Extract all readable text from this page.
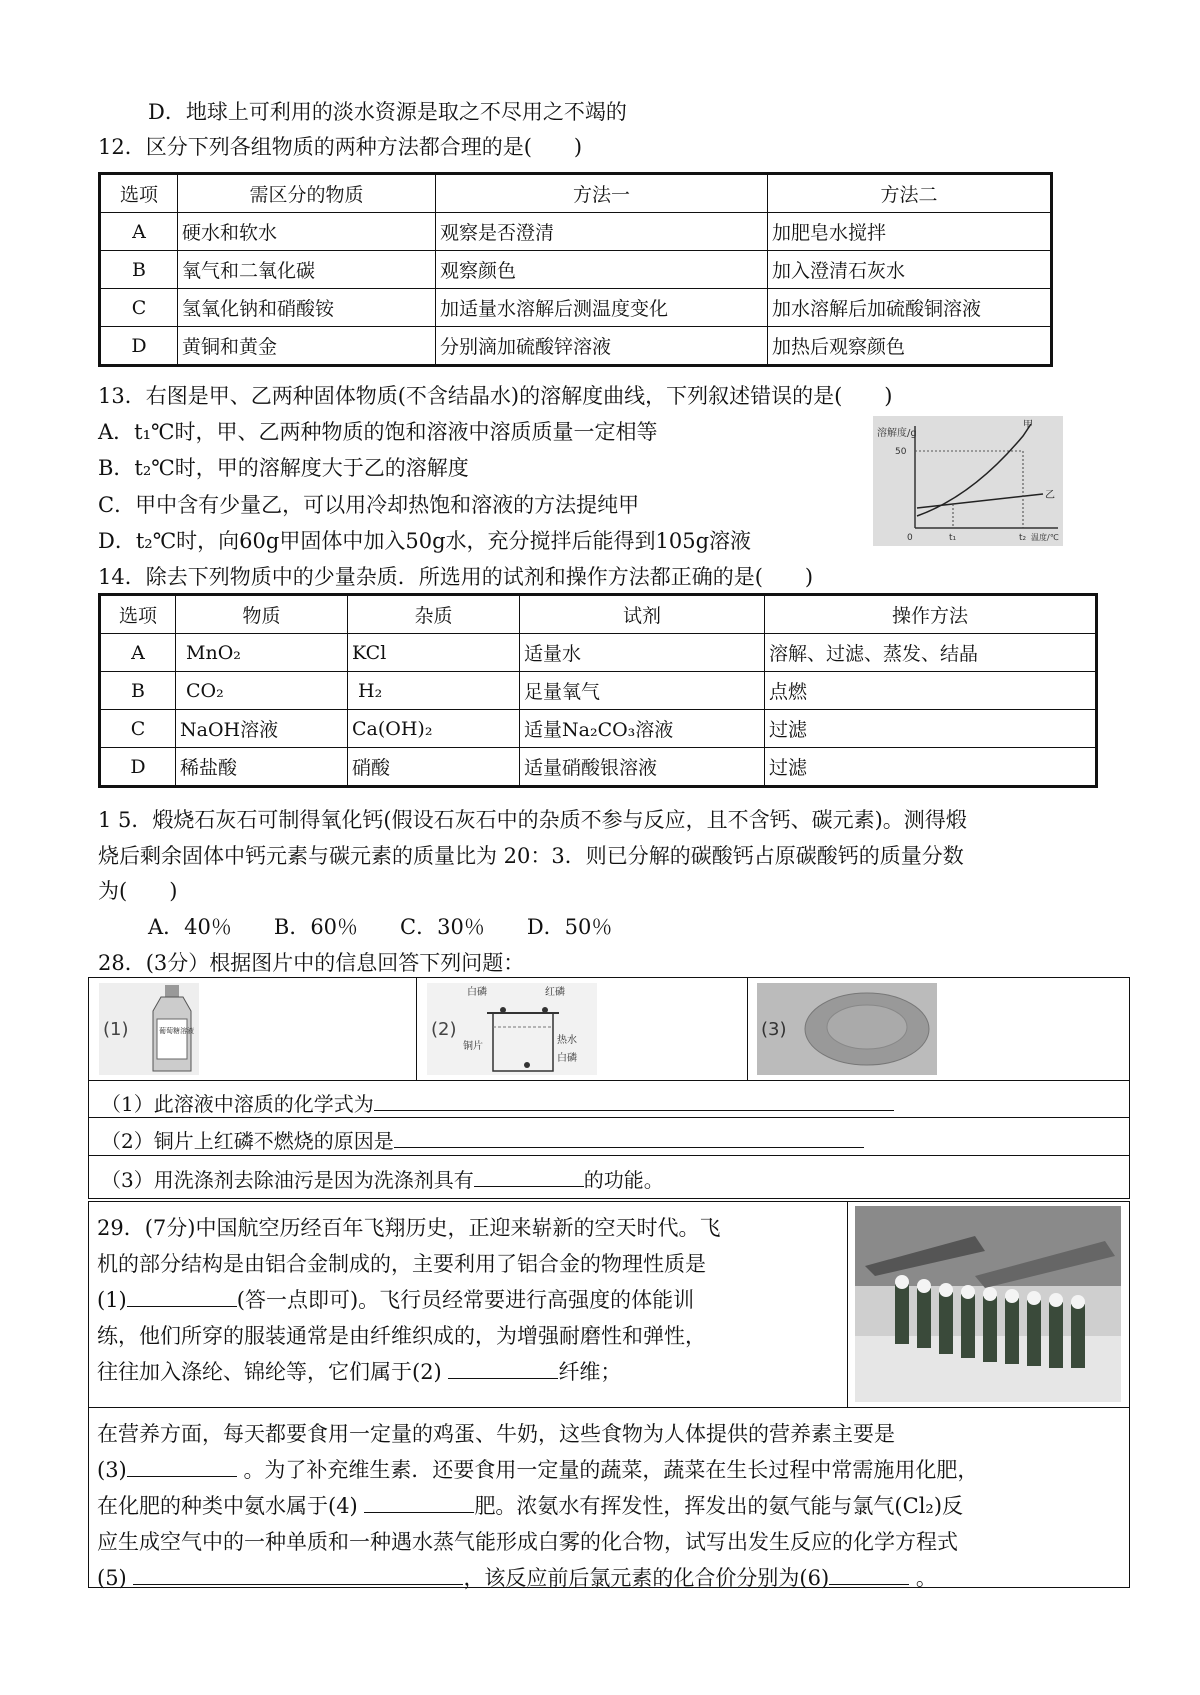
D．地球上可利用的淡水资源是取之不尽用之不竭的
12．区分下列各组物质的两种方法都合理的是(　　)
选项	需区分的物质	方法一	方法二
A	硬水和软水	观察是否澄清	加肥皂水搅拌
B	氧气和二氧化碳	观察颜色	加入澄清石灰水
C	氢氧化钠和硝酸铵	加适量水溶解后测温度变化	加水溶解后加硫酸铜溶液
D	黄铜和黄金	分别滴加硫酸锌溶液	加热后观察颜色
13．右图是甲、乙两种固体物质(不含结晶水)的溶解度曲线，下列叙述错误的是(　　)
A．t₁℃时，甲、乙两种物质的饱和溶液中溶质质量一定相等
B．t₂℃时，甲的溶解度大于乙的溶解度
C．甲中含有少量乙，可以用冷却热饱和溶液的方法提纯甲
D．t₂℃时，向60g甲固体中加入50g水，充分搅拌后能得到105g溶液
溶解度/g
50
甲
乙
0	t₁	t₂ 温度/℃
14．除去下列物质中的少量杂质．所选用的试剂和操作方法都正确的是(　　)
选项	物质	杂质	试剂	操作方法
A	MnO₂	KCl	适量水	溶解、过滤、蒸发、结晶
B	CO₂	H₂	足量氧气	点燃
C	NaOH溶液	Ca(OH)₂	适量Na₂CO₃溶液	过滤
D	稀盐酸	硝酸	适量硝酸银溶液	过滤
1 5．煅烧石灰石可制得氧化钙(假设石灰石中的杂质不参与反应，且不含钙、碳元素)。测得煅
烧后剩余固体中钙元素与碳元素的质量比为 20：3．则已分解的碳酸钙占原碳酸钙的质量分数
为(　　)
A．40％　　B．60％　　C．30％　　D．50％
28．(3分）根据图片中的信息回答下列问题：
(1)	葡萄糖溶液	(2)
白磷	红磷
铜片
热水
白磷
(3)
（1）此溶液中溶质的化学式为
（2）铜片上红磷不燃烧的原因是
（3）用洗涤剂去除油污是因为洗涤剂具有	的功能。
29．(7分)中国航空历经百年飞翔历史，正迎来崭新的空天时代。飞
机的部分结构是由铝合金制成的，主要利用了铝合金的物理性质是
(1)	(答一点即可)。飞行员经常要进行高强度的体能训
练，他们所穿的服装通常是由纤维织成的，为增强耐磨性和弹性，
往往加入涤纶、锦纶等，它们属于(2)	纤维；
在营养方面，每天都要食用一定量的鸡蛋、牛奶，这些食物为人体提供的营养素主要是
(3)	。为了补充维生素．还要食用一定量的蔬菜，蔬菜在生长过程中常需施用化肥，
在化肥的种类中氨水属于(4)	肥。浓氨水有挥发性，挥发出的氨气能与氯气(Cl₂)反
应生成空气中的一种单质和一种遇水蒸气能形成白雾的化合物，试写出发生反应的化学方程式
(5)	，该反应前后氯元素的化合价分别为(6)	。
